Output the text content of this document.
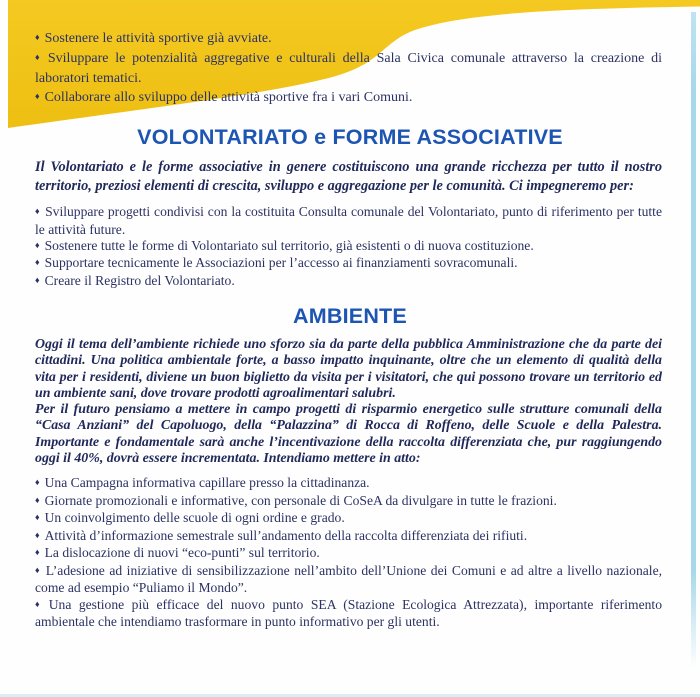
♦ Sostenere le attività sportive già avviate.
♦ Sviluppare le potenzialità aggregative e culturali della Sala Civica comunale attraverso la creazione di laboratori tematici.
♦ Collaborare allo sviluppo delle attività sportive fra i vari Comuni.
VOLONTARIATO e FORME ASSOCIATIVE

Il Volontariato e le forme associative in genere costituiscono una grande ricchezza per tutto il nostro territorio, preziosi elementi di crescita, sviluppo e aggregazione per le comunità. Ci impegneremo per:

♦ Sviluppare progetti condivisi con la costituita Consulta comunale del Volontariato, punto di riferimento per tutte le attività future.
♦ Sostenere tutte le forme di Volontariato sul territorio, già esistenti o di nuova costituzione.
♦ Supportare tecnicamente le Associazioni per l’accesso ai finanziamenti sovracomunali.
♦ Creare il Registro del Volontariato.
AMBIENTE

Oggi il tema dell’ambiente richiede uno sforzo sia da parte della pubblica Amministrazione che da parte dei cittadini. Una politica ambientale forte, a basso impatto inquinante, oltre che un elemento di qualità della vita per i residenti, diviene un buon biglietto da visita per i visitatori, che qui possono trovare un territorio ed un ambiente sani, dove trovare prodotti agroalimentari salubri.

Per il futuro pensiamo a mettere in campo progetti di risparmio energetico sulle strutture comunali della “Casa Anziani” del Capoluogo, della “Palazzina” di Rocca di Roffeno, delle Scuole e della Palestra. Importante e fondamentale sarà anche l’incentivazione della raccolta differenziata che, pur raggiungendo oggi il 40%, dovrà essere incrementata. Intendiamo mettere in atto:

♦ Una Campagna informativa capillare presso la cittadinanza.
♦ Giornate promozionali e informative, con personale di CoSeA da divulgare in tutte le frazioni.
♦ Un coinvolgimento delle scuole di ogni ordine e grado.
♦ Attività d’informazione semestrale sull’andamento della raccolta differenziata dei rifiuti.
♦ La dislocazione di nuovi “eco-punti” sul territorio.
♦ L’adesione ad iniziative di sensibilizzazione nell’ambito dell’Unione dei Comuni e ad altre a livello nazionale, come ad esempio “Puliamo il Mondo”.
♦ Una gestione più efficace del nuovo punto SEA (Stazione Ecologica Attrezzata), importante riferimento ambientale che intendiamo trasformare in punto informativo per gli utenti.
